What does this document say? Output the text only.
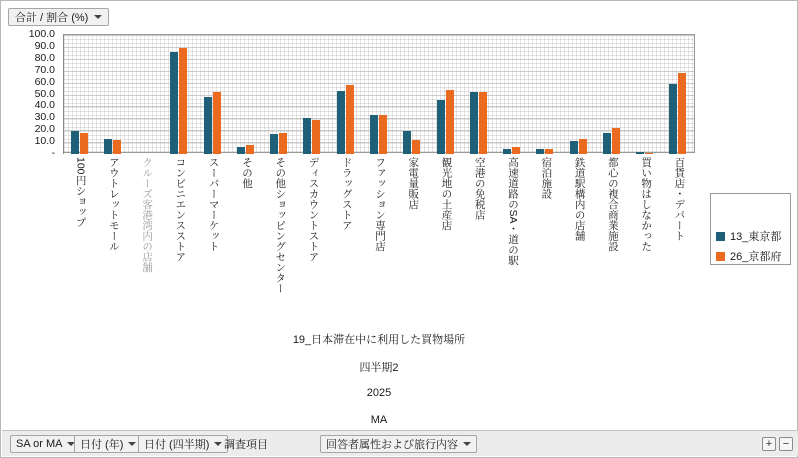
合計 / 割合 (%)
100.0
90.0
80.0
70.0
60.0
50.0
40.0
30.0
20.0
10.0
-
100円ショップ アウトレットモール クルーズ客港湾内の店舗 コンビニエンスストア スーパーマーケット その他 その他ショッピングセンター ディスカウントストア ドラッグストア ファッション専門店 家電量販店 観光地の土産店 空港の免税店 高速道路のSA・道の駅 宿泊施設 鉄道駅構内の店舗 都心の複合商業施設 買い物はしなかった 百貨店・デパート
19_日本滞在中に利用した買物場所
四半期2
2025
MA
13_東京都
26_京都府
SA or MA 日付 (年) 日付 (四半期) 調査項目	回答者属性および旅行内容	+ −
